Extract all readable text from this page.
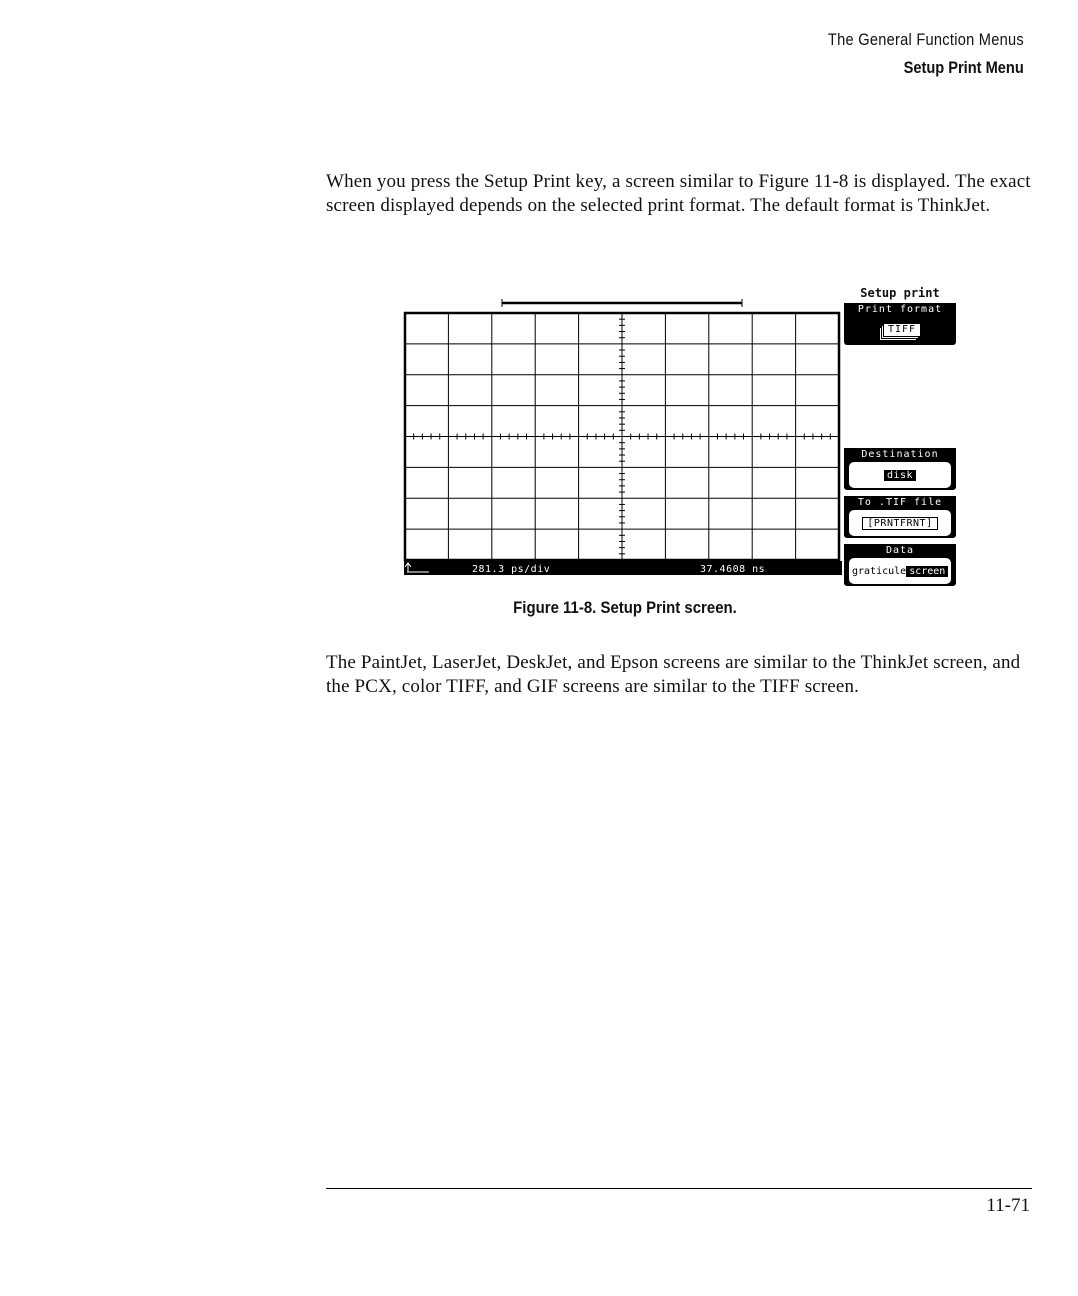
The General Function Menus
Setup Print Menu
When you press the Setup Print key, a screen similar to Figure 11-8 is displayed. The exact screen displayed depends on the selected print format. The default format is ThinkJet.
281.3 ps/div	37.4608 ns
Setup print
Print format
TIFF
Destination
disk
To .TIF file
[PRNTFRNT]
Data
graticule screen
Figure 11-8. Setup Print screen.
The PaintJet, LaserJet, DeskJet, and Epson screens are similar to the ThinkJet screen, and the PCX, color TIFF, and GIF screens are similar to the TIFF screen.
11-71
